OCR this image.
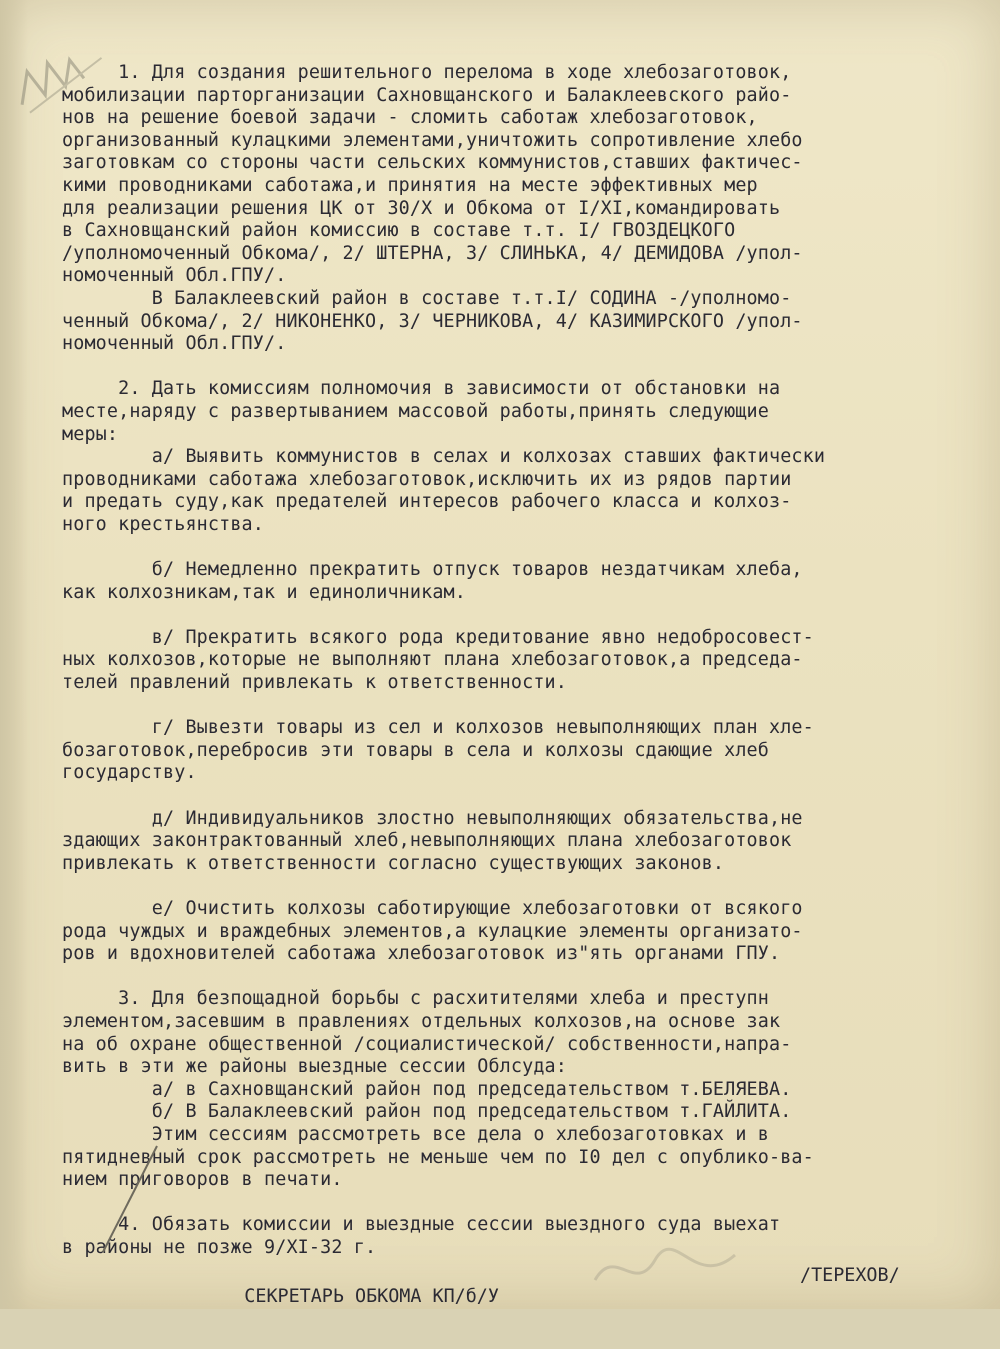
1. Для создания решительного перелома в ходе хлебозаготовок,
мобилизации парторганизации Сахновщанского и Балаклеевского райо-
нов на решение боевой задачи - сломить саботаж хлебозаготовок,
организованный кулацкими элементами,уничтожить сопротивление хлебо
заготовкам со стороны части сельских коммунистов,ставших фактичес-
кими проводниками саботажа,и принятия на месте эффективных мер
для реализации решения ЦК от 30/X и Обкома от I/XI,командировать
в Сахновщанский район комиссию в составе т.т. I/ ГВОЗДЕЦКОГО
/уполномоченный Обкома/, 2/ ШТЕРНА, 3/ СЛИНЬКА, 4/ ДЕМИДОВА /упол-
номоченный Обл.ГПУ/.
В Балаклеевский район в составе т.т.I/ СОДИНА -/уполномо-
ченный Обкома/, 2/ НИКОНЕНКО, 3/ ЧЕРНИКОВА, 4/ КАЗИМИРСКОГО /упол-
номоченный Обл.ГПУ/.
2. Дать комиссиям полномочия в зависимости от обстановки на
месте,наряду с развертыванием массовой работы,принять следующие
меры:
а/ Выявить коммунистов в селах и колхозах ставших фактически
проводниками саботажа хлебозаготовок,исключить их из рядов партии
и предать суду,как предателей интересов рабочего класса и колхоз-
ного крестьянства.
б/ Немедленно прекратить отпуск товаров нездатчикам хлеба,
как колхозникам,так и единоличникам.
в/ Прекратить всякого рода кредитование явно недобросовест-
ных колхозов,которые не выполняют плана хлебозаготовок,а председа-
телей правлений привлекать к ответственности.
г/ Вывезти товары из сел и колхозов невыполняющих план хле-
бозаготовок,перебросив эти товары в села и колхозы сдающие хлеб
государству.
д/ Индивидуальников злостно невыполняющих обязательства,не
здающих законтрактованный хлеб,невыполняющих плана хлебозаготовок
привлекать к ответственности согласно существующих законов.
е/ Очистить колхозы саботирующие хлебозаготовки от всякого
рода чуждых и враждебных элементов,а кулацкие элементы организато-
ров и вдохновителей саботажа хлебозаготовок из"ять органами ГПУ.
3. Для безпощадной борьбы с расхитителями хлеба и преступн
элементом,засевшим в правлениях отдельных колхозов,на основе зак
на об охране общественной /социалистической/ собственности,напра-
вить в эти же районы выездные сессии Облсуда:
а/ в Сахновщанский район под председательством т.БЕЛЯЕВА.
б/ В Балаклеевский район под председательством т.ГАЙЛИТА.
Этим сессиям рассмотреть все дела о хлебозаготовках и в
пятидневный срок рассмотреть не меньше чем по I0 дел с опублико-ва-
нием приговоров в печати.
4. Обязать комиссии и выездные сессии выездного суда выехат
в районы не позже 9/XI-32 г.

СЕКРЕТАРЬ ОБКОМА КП/б/У

/ТЕРЕХОВ/
